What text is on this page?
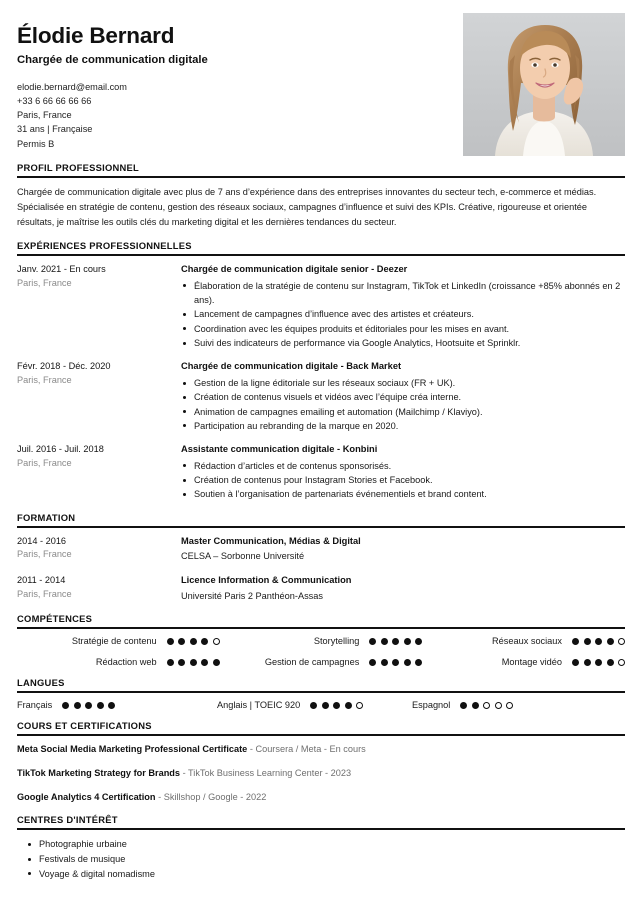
Élodie Bernard
Chargée de communication digitale
elodie.bernard@email.com
+33 6 66 66 66 66
Paris, France
31 ans | Française
Permis B
PROFIL PROFESSIONNEL

Chargée de communication digitale avec plus de 7 ans d’expérience dans des entreprises innovantes du secteur tech, e-commerce et médias. Spécialisée en stratégie de contenu, gestion des réseaux sociaux, campagnes d’influence et suivi des KPIs. Créative, rigoureuse et orientée résultats, je maîtrise les outils clés du marketing digital et les dernières tendances du secteur.

EXPÉRIENCES PROFESSIONNELLES
Janv. 2021 - En cours
Paris, France
Chargée de communication digitale senior - Deezer
Élaboration de la stratégie de contenu sur Instagram, TikTok et LinkedIn (croissance +85% abonnés en 2 ans).
Lancement de campagnes d’influence avec des artistes et créateurs.
Coordination avec les équipes produits et éditoriales pour les mises en avant.
Suivi des indicateurs de performance via Google Analytics, Hootsuite et Sprinklr.
Févr. 2018 - Déc. 2020
Paris, France
Chargée de communication digitale - Back Market
Gestion de la ligne éditoriale sur les réseaux sociaux (FR + UK).
Création de contenus visuels et vidéos avec l’équipe créa interne.
Animation de campagnes emailing et automation (Mailchimp / Klaviyo).
Participation au rebranding de la marque en 2020.
Juil. 2016 - Juil. 2018
Paris, France
Assistante communication digitale - Konbini
Rédaction d’articles et de contenus sponsorisés.
Création de contenus pour Instagram Stories et Facebook.
Soutien à l’organisation de partenariats événementiels et brand content.
FORMATION
2014 - 2016
Paris, France
Master Communication, Médias & Digital
CELSA – Sorbonne Université
2011 - 2014
Paris, France
Licence Information & Communication
Université Paris 2 Panthéon-Assas
COMPÉTENCES
Stratégie de contenu	Storytelling	Réseaux sociaux
Rédaction web	Gestion de campagnes	Montage vidéo
LANGUES
Français	Anglais | TOEIC 920	Espagnol
COURS ET CERTIFICATIONS
Meta Social Media Marketing Professional Certificate - Coursera / Meta - En cours
TikTok Marketing Strategy for Brands - TikTok Business Learning Center - 2023
Google Analytics 4 Certification - Skillshop / Google - 2022
CENTRES D'INTÉRÊT
Photographie urbaine
Festivals de musique
Voyage & digital nomadisme
